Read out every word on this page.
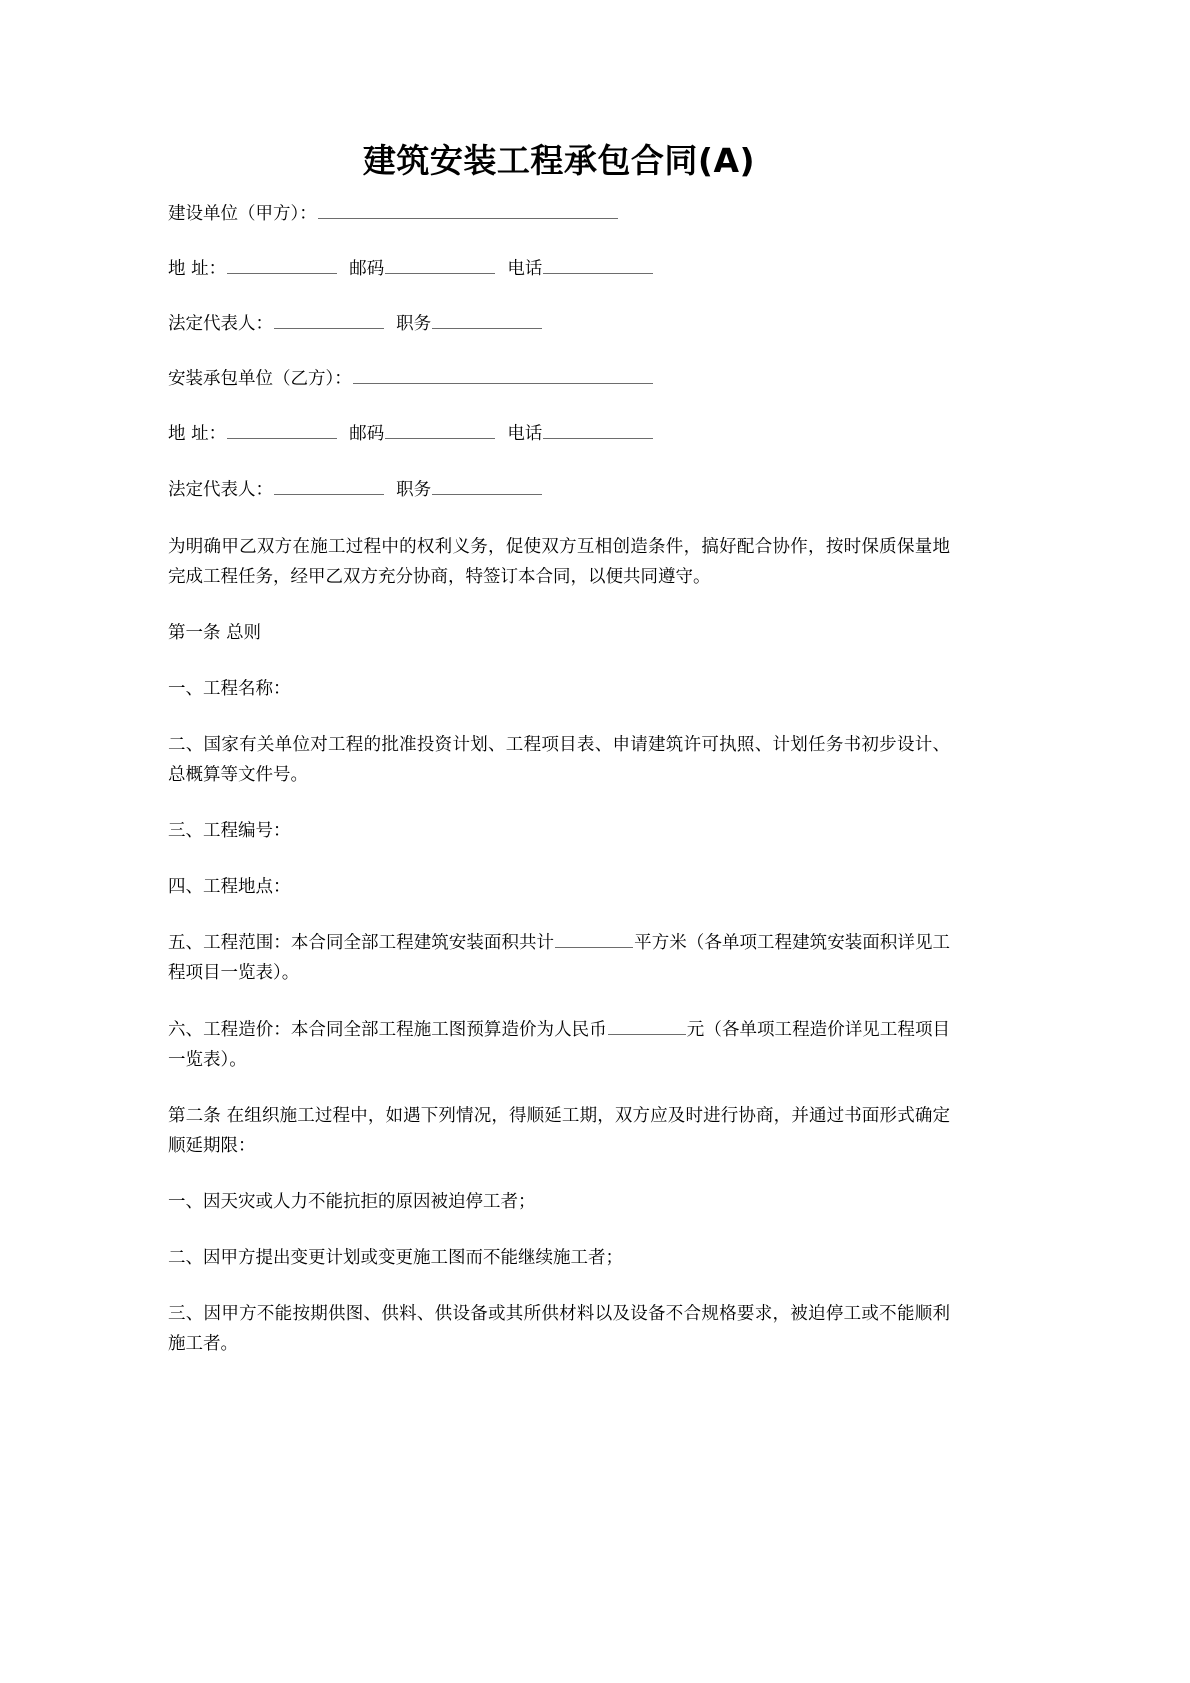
建筑安装工程承包合同(A)
建设单位（甲方）：
地 址：	邮码	电话
法定代表人：	职务
安装承包单位（乙方）：
地 址：	邮码	电话
法定代表人：	职务

为明确甲乙双方在施工过程中的权利义务，促使双方互相创造条件，搞好配合协作，按时保质保量地完成工程任务，经甲乙双方充分协商，特签订本合同，以便共同遵守。

第一条 总则

一、工程名称：

二、国家有关单位对工程的批准投资计划、工程项目表、申请建筑许可执照、计划任务书初步设计、总概算等文件号。

三、工程编号：

四、工程地点：

五、工程范围：本合同全部工程建筑安装面积共计	平方米（各单项工程建筑安装面积详见工程项目一览表）。

六、工程造价：本合同全部工程施工图预算造价为人民币	元（各单项工程造价详见工程项目一览表）。

第二条 在组织施工过程中，如遇下列情况，得顺延工期，双方应及时进行协商，并通过书面形式确定顺延期限：

一、因天灾或人力不能抗拒的原因被迫停工者；

二、因甲方提出变更计划或变更施工图而不能继续施工者；

三、因甲方不能按期供图、供料、供设备或其所供材料以及设备不合规格要求，被迫停工或不能顺利施工者。
